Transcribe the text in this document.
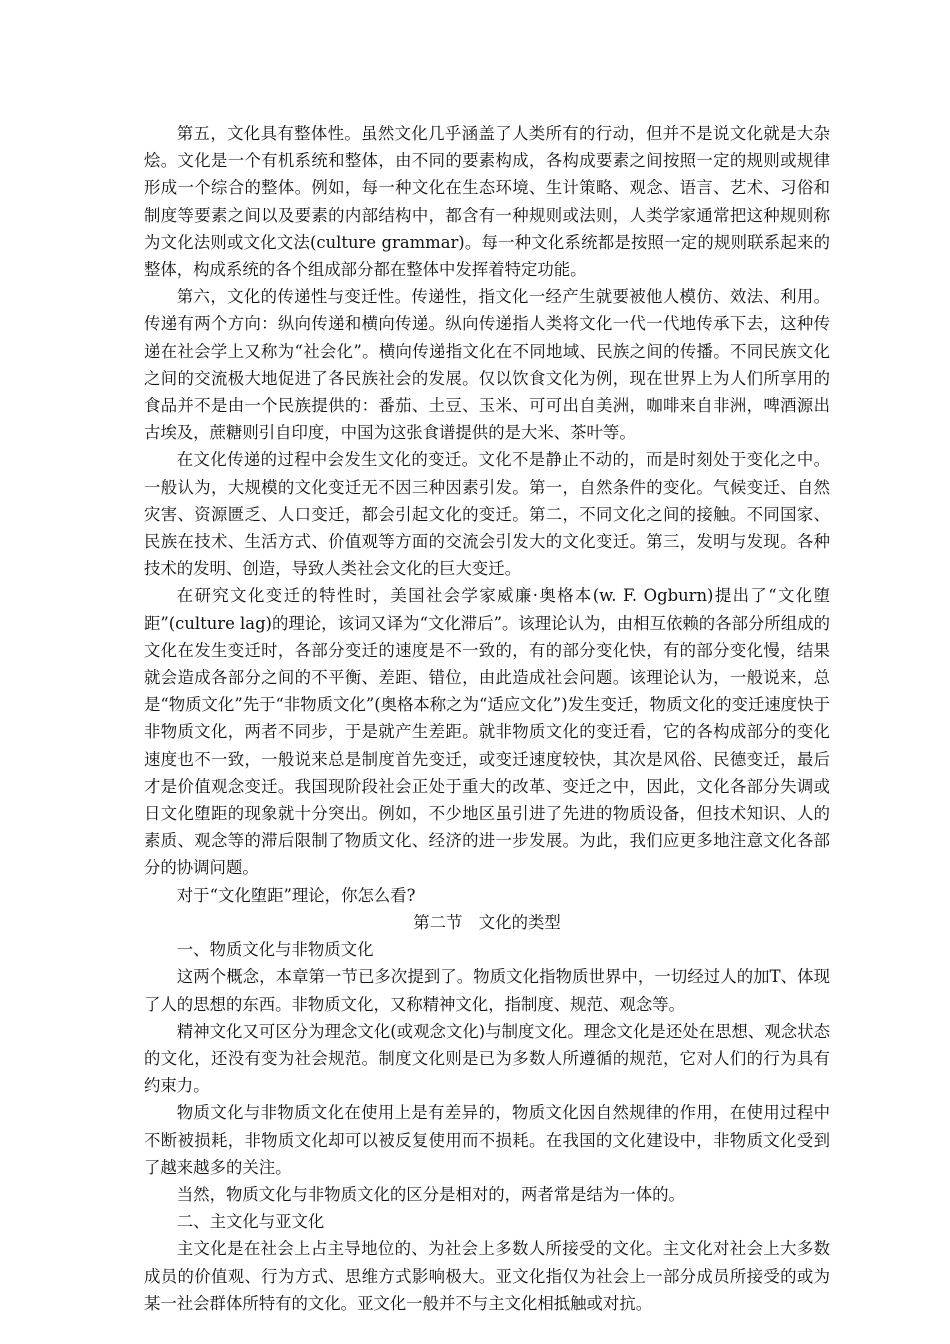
第五，文化具有整体性。虽然文化几乎涵盖了人类所有的行动，但并不是说文化就是大杂烩。文化是一个有机系统和整体，由不同的要素构成，各构成要素之间按照一定的规则或规律形成一个综合的整体。例如，每一种文化在生态环境、生计策略、观念、语言、艺术、习俗和制度等要素之间以及要素的内部结构中，都含有一种规则或法则，人类学家通常把这种规则称为文化法则或文化文法(culture grammar)。每一种文化系统都是按照一定的规则联系起来的整体，构成系统的各个组成部分都在整体中发挥着特定功能。

第六，文化的传递性与变迁性。传递性，指文化一经产生就要被他人模仿、效法、利用。传递有两个方向：纵向传递和横向传递。纵向传递指人类将文化一代一代地传承下去，这种传递在社会学上又称为“社会化”。横向传递指文化在不同地域、民族之间的传播。不同民族文化之间的交流极大地促进了各民族社会的发展。仅以饮食文化为例，现在世界上为人们所享用的食品并不是由一个民族提供的：番茄、土豆、玉米、可可出自美洲，咖啡来自非洲，啤酒源出古埃及，蔗糖则引自印度，中国为这张食谱提供的是大米、茶叶等。

在文化传递的过程中会发生文化的变迁。文化不是静止不动的，而是时刻处于变化之中。一般认为，大规模的文化变迁无不因三种因素引发。第一，自然条件的变化。气候变迁、自然灾害、资源匮乏、人口变迁，都会引起文化的变迁。第二，不同文化之间的接触。不同国家、民族在技术、生活方式、价值观等方面的交流会引发大的文化变迁。第三，发明与发现。各种技术的发明、创造，导致人类社会文化的巨大变迁。

在研究文化变迁的特性时，美国社会学家威廉·奥格本(w. F. Ogburn)提出了“文化堕距”(culture lag)的理论，该词又译为“文化滞后”。该理论认为，由相互依赖的各部分所组成的文化在发生变迁时，各部分变迁的速度是不一致的，有的部分变化快，有的部分变化慢，结果就会造成各部分之间的不平衡、差距、错位，由此造成社会问题。该理论认为，一般说来，总是“物质文化”先于“非物质文化”(奥格本称之为“适应文化”)发生变迁，物质文化的变迁速度快于非物质文化，两者不同步，于是就产生差距。就非物质文化的变迁看，它的各构成部分的变化速度也不一致，一般说来总是制度首先变迁，或变迁速度较快，其次是风俗、民德变迁，最后才是价值观念变迁。我国现阶段社会正处于重大的改革、变迁之中，因此，文化各部分失调或日文化堕距的现象就十分突出。例如，不少地区虽引进了先进的物质设备，但技术知识、人的素质、观念等的滞后限制了物质文化、经济的进一步发展。为此，我们应更多地注意文化各部分的协调问题。

对于“文化堕距”理论，你怎么看?

第二节　文化的类型

一、物质文化与非物质文化

这两个概念，本章第一节已多次提到了。物质文化指物质世界中，一切经过人的加T、体现了人的思想的东西。非物质文化，又称精神文化，指制度、规范、观念等。

精神文化又可区分为理念文化(或观念文化)与制度文化。理念文化是还处在思想、观念状态的文化，还没有变为社会规范。制度文化则是已为多数人所遵循的规范，它对人们的行为具有约束力。

物质文化与非物质文化在使用上是有差异的，物质文化因自然规律的作用，在使用过程中不断被损耗，非物质文化却可以被反复使用而不损耗。在我国的文化建设中，非物质文化受到了越来越多的关注。

当然，物质文化与非物质文化的区分是相对的，两者常是结为一体的。

二、主文化与亚文化

主文化是在社会上占主导地位的、为社会上多数人所接受的文化。主文化对社会上大多数成员的价值观、行为方式、思维方式影响极大。亚文化指仅为社会上一部分成员所接受的或为某一社会群体所特有的文化。亚文化一般并不与主文化相抵触或对抗。
